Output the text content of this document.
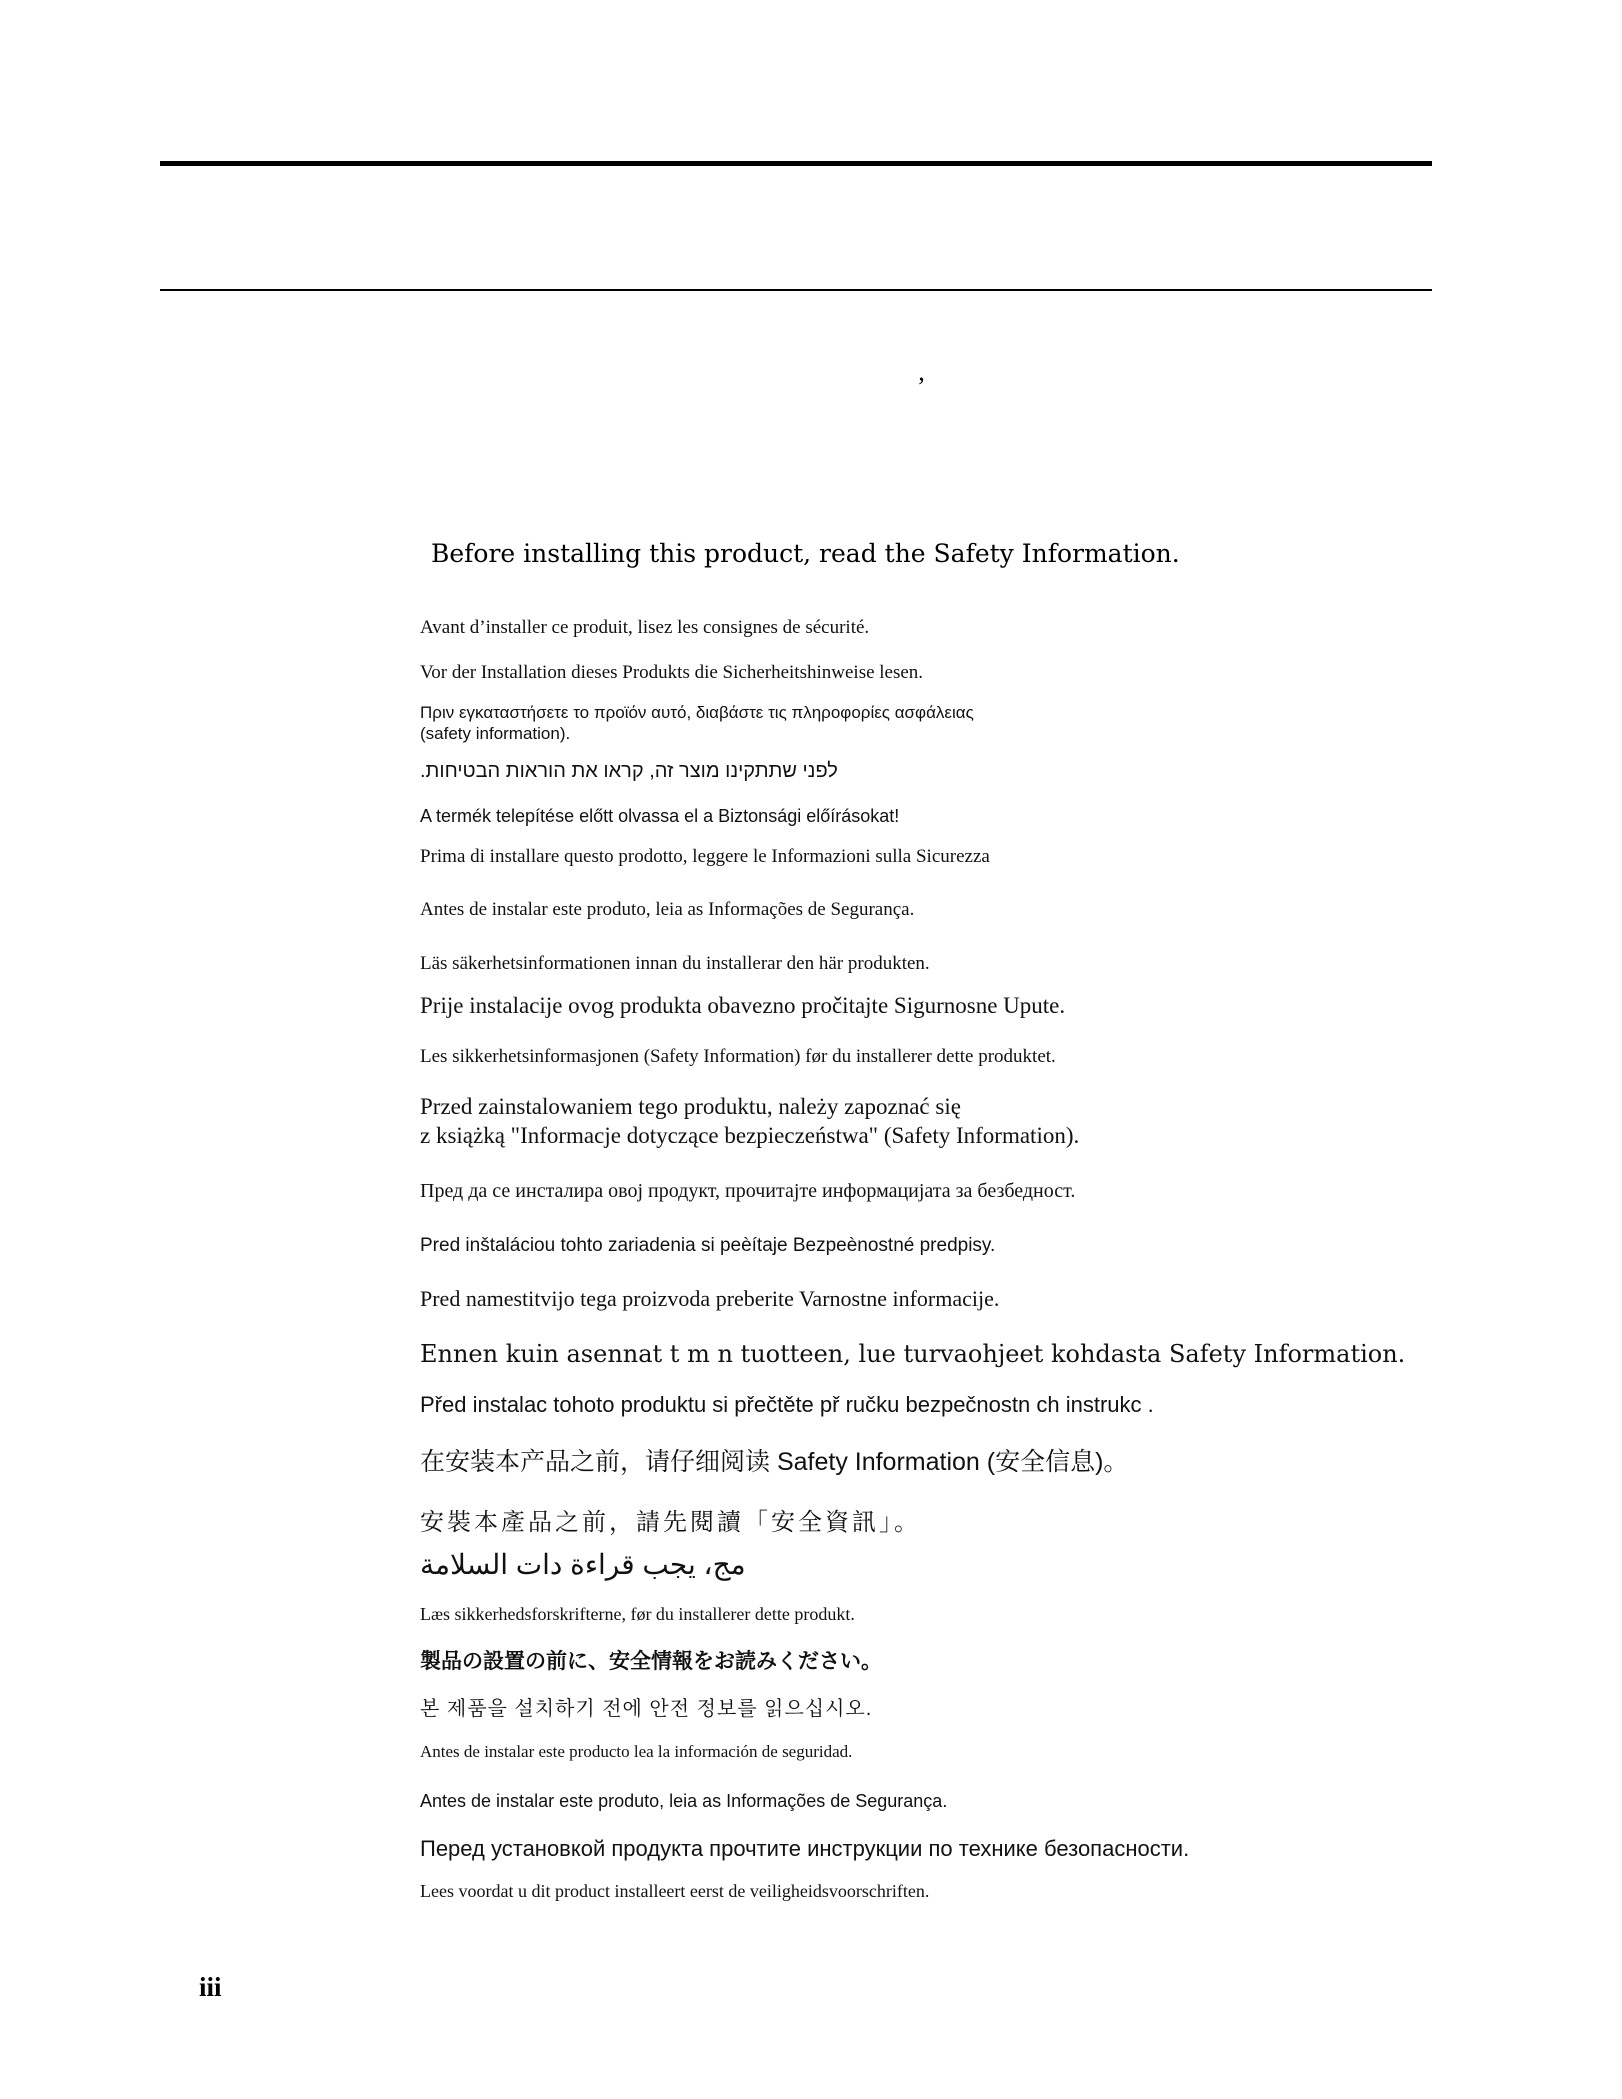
’
Before installing this product, read the Safety Information.
Avant d’installer ce produit, lisez les consignes de sécurité.
Vor der Installation dieses Produkts die Sicherheitshinweise lesen.
Πριν εγκαταστήσετε το προϊόν αυτό, διαβάστε τις πληροφορίες ασφάλειας
(safety information).
לפני שתתקינו מוצר זה, קראו את הוראות הבטיחות.
A termék telepítése előtt olvassa el a Biztonsági előírásokat!
Prima di installare questo prodotto, leggere le Informazioni sulla Sicurezza
Antes de instalar este produto, leia as Informações de Segurança.
Läs säkerhetsinformationen innan du installerar den här produkten.
Prije instalacije ovog produkta obavezno pročitajte Sigurnosne Upute.
Les sikkerhetsinformasjonen (Safety Information) før du installerer dette produktet.
Przed zainstalowaniem tego produktu, należy zapoznać się
z książką "Informacje dotyczące bezpieczeństwa" (Safety Information).
Пред да се инсталира овој продукт, прочитајте информацијата за безбедност.
Pred inštaláciou tohto zariadenia si peèítaje Bezpeènostné predpisy.
Pred namestitvijo tega proizvoda preberite Varnostne informacije.
Ennen kuin asennat t m n tuotteen, lue turvaohjeet kohdasta Safety Information.
Před instalac tohoto produktu si přečtěte př ručku bezpečnostn ch instrukc .
在安装本产品之前，请仔细阅读 Safety Information (安全信息)。
安裝本產品之前，請先閱讀「安全資訊」。
مج، يجب قراءة دات السلامة
Læs sikkerhedsforskrifterne, før du installerer dette produkt.
製品の設置の前に、安全情報をお読みください。
본 제품을 설치하기 전에 안전 정보를 읽으십시오.
Antes de instalar este producto lea la información de seguridad.
Antes de instalar este produto, leia as Informações de Segurança.
Перед установкой продукта прочтите инструкции по технике безопасности.
Lees voordat u dit product installeert eerst de veiligheidsvoorschriften.
iii
